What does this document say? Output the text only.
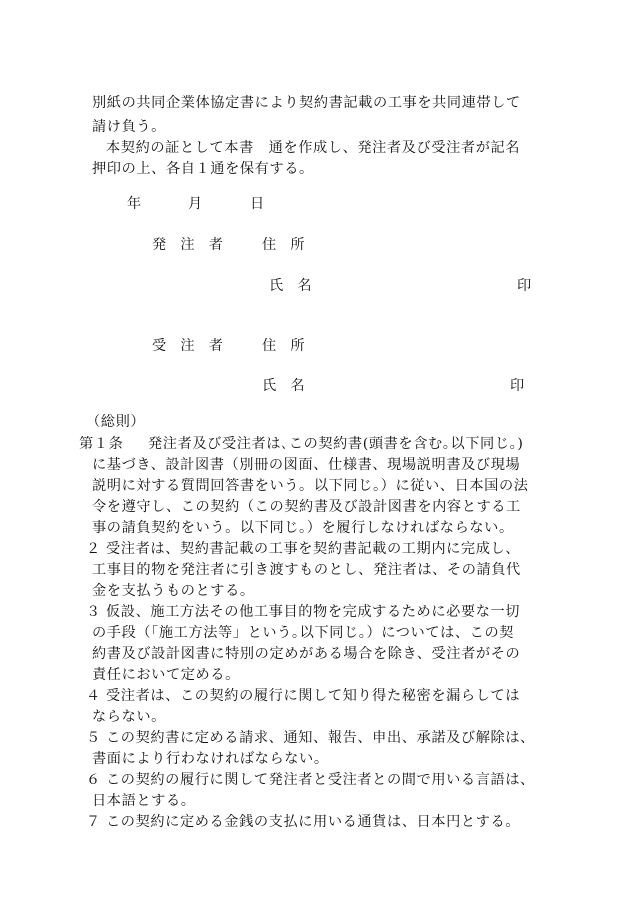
別紙の共同企業体協定書により契約書記載の工事を共同連帯して
請け負う。
本契約の証として本書　通を作成し、発注者及び受注者が記名
押印の上、各自１通を保有する。
年	月	日
発　注　者	住　所
氏　名	印
受　注　者	住　所
氏　名	印
（総則）
第１条 発注者及び受注者は､この契約書(頭書を含む｡以下同じ｡)
に基づき、設計図書（別冊の図面、仕様書、現場説明書及び現場
説明に対する質問回答書をいう。以下同じ。）に従い、日本国の法
令を遵守し、この契約（この契約書及び設計図書を内容とする工
事の請負契約をいう。以下同じ。）を履行しなければならない。
２ 受注者は、契約書記載の工事を契約書記載の工期内に完成し、
工事目的物を発注者に引き渡すものとし、発注者は、その請負代
金を支払うものとする。
３ 仮設、施工方法その他工事目的物を完成するために必要な一切
の手段（「施工方法等」という｡以下同じ。）については、この契
約書及び設計図書に特別の定めがある場合を除き、受注者がその
責任において定める。
４ 受注者は、この契約の履行に関して知り得た秘密を漏らしては
ならない。
５ この契約書に定める請求、通知、報告、申出、承諾及び解除は、
書面により行わなければならない。
６ この契約の履行に関して発注者と受注者との間で用いる言語は、
日本語とする。
７ この契約に定める金銭の支払に用いる通貨は、日本円とする。
